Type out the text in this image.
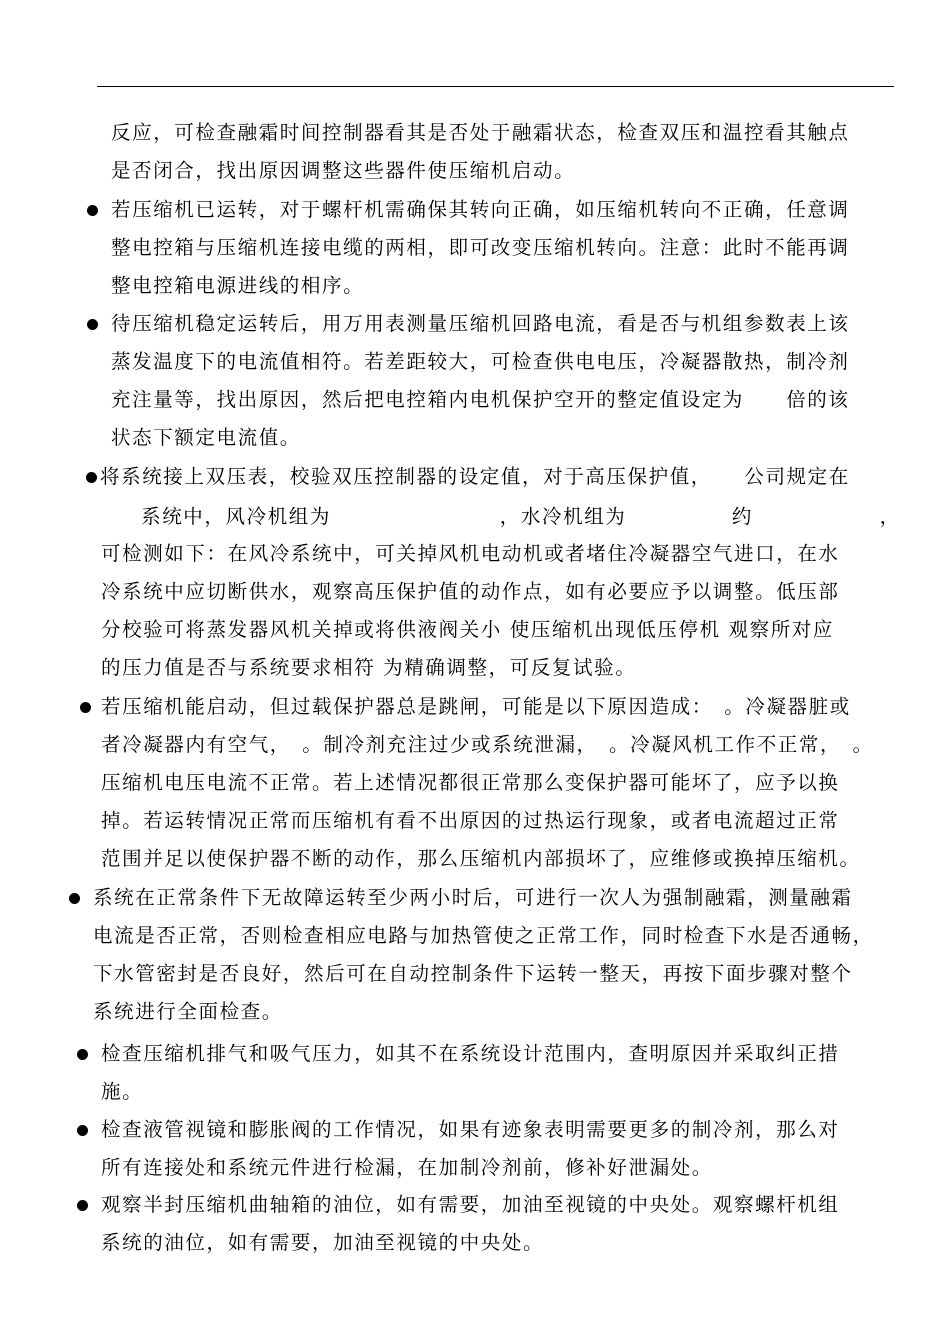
反应，可检查融霜时间控制器看其是否处于融霜状态，检查双压和温控看其触点
是否闭合，找出原因调整这些器件使压缩机启动。
若压缩机已运转，对于螺杆机需确保其转向正确，如压缩机转向不正确，任意调
整电控箱与压缩机连接电缆的两相，即可改变压缩机转向。注意：此时不能再调
整电控箱电源进线的相序。
待压缩机稳定运转后，用万用表测量压缩机回路电流，看是否与机组参数表上该
蒸发温度下的电流值相符。若差距较大，可检查供电电压，冷凝器散热，制冷剂
充注量等，找出原因，然后把电控箱内电机保护空开的整定值设定为　　倍的该
状态下额定电流值。
将系统接上双压表，校验双压控制器的设定值，对于高压保护值，　　公司规定在
　系统中，风冷机组为　　　　　　　　，水冷机组为　　　　　约　　　　　　，
可检测如下：在风冷系统中，可关掉风机电动机或者堵住冷凝器空气进口，在水
冷系统中应切断供水，观察高压保护值的动作点，如有必要应予以调整。低压部
分校验可将蒸发器风机关掉或将供液阀关小 使压缩机出现低压停机 观察所对应
的压力值是否与系统要求相符 为精确调整，可反复试验。
若压缩机能启动，但过载保护器总是跳闸，可能是以下原因造成：　。冷凝器脏或
者冷凝器内有空气，　。制冷剂充注过少或系统泄漏，　。冷凝风机工作不正常，　。
压缩机电压电流不正常。若上述情况都很正常那么变保护器可能坏了，应予以换
掉。若运转情况正常而压缩机有看不出原因的过热运行现象，或者电流超过正常
范围并足以使保护器不断的动作，那么压缩机内部损坏了，应维修或换掉压缩机。
系统在正常条件下无故障运转至少两小时后，可进行一次人为强制融霜，测量融霜
电流是否正常，否则检查相应电路与加热管使之正常工作，同时检查下水是否通畅，
下水管密封是否良好，然后可在自动控制条件下运转一整天，再按下面步骤对整个
系统进行全面检查。
检查压缩机排气和吸气压力，如其不在系统设计范围内，查明原因并采取纠正措
施。
检查液管视镜和膨胀阀的工作情况，如果有迹象表明需要更多的制冷剂，那么对
所有连接处和系统元件进行检漏，在加制冷剂前，修补好泄漏处。
观察半封压缩机曲轴箱的油位，如有需要，加油至视镜的中央处。观察螺杆机组
系统的油位，如有需要，加油至视镜的中央处。
